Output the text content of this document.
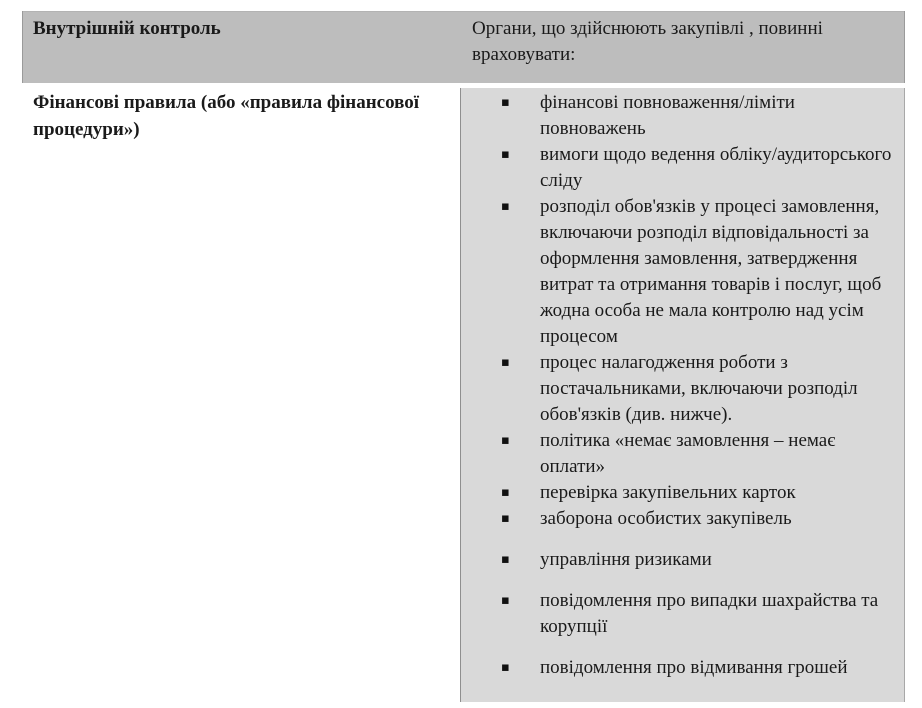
Внутрішній контроль	Органи, що здійснюють закупівлі , повинні враховувати:
Фінансові правила (або «правила фінансової процедури»)
▪ фінансові повноваження/ліміти повноважень
▪ вимоги щодо ведення обліку/аудиторського сліду
▪ розподіл обов'язків у процесі замовлення, включаючи розподіл відповідальності за оформлення замовлення, затвердження витрат та отримання товарів і послуг, щоб жодна особа не мала контролю над усім процесом
▪ процес налагодження роботи з постачальниками, включаючи розподіл обов'язків (див. нижче).
▪ політика «немає замовлення – немає оплати»
▪ перевірка закупівельних карток
▪ заборона особистих закупівель
▪ управління ризиками
▪ повідомлення про випадки шахрайства та корупції
▪ повідомлення про відмивання грошей
